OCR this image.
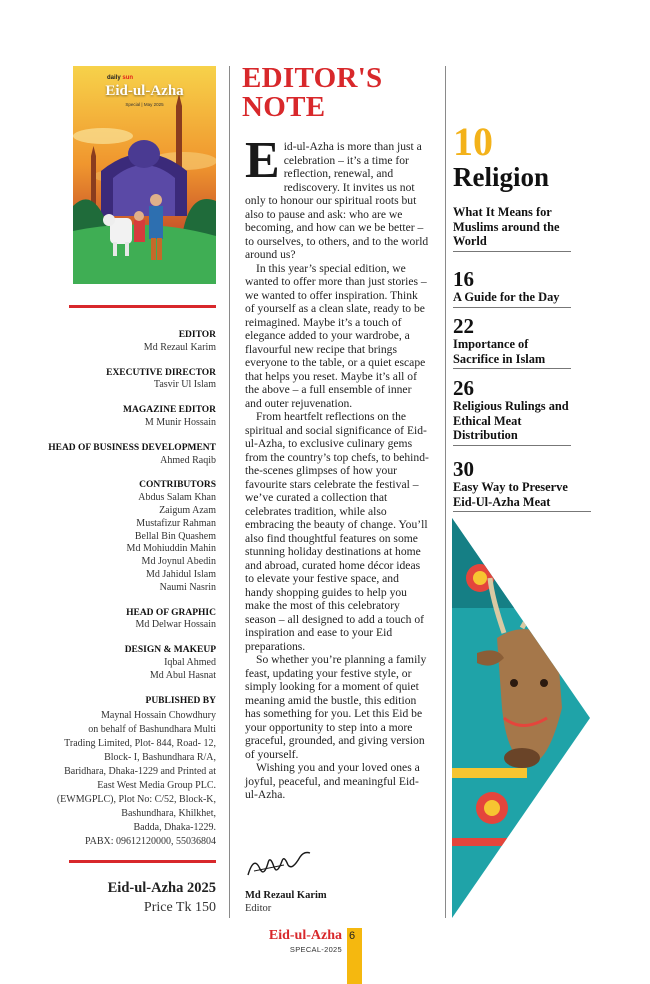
daily sun
Eid-ul-Azha
Special | May 2025
EDITOR
Md Rezaul Karim
EXECUTIVE DIRECTOR
Tasvir Ul Islam
MAGAZINE EDITOR
M Munir Hossain
HEAD OF BUSINESS DEVELOPMENT
Ahmed Raqib
CONTRIBUTORS
Abdus Salam Khan
Zaigum Azam
Mustafizur Rahman
Bellal Bin Quashem
Md Mohiuddin Mahin
Md Joynul Abedin
Md Jahidul Islam
Naumi Nasrin
HEAD OF GRAPHIC
Md Delwar Hossain
DESIGN & MAKEUP
Iqbal Ahmed
Md Abul Hasnat
PUBLISHED BY
Maynal Hossain Chowdhury
on behalf of Bashundhara Multi
Trading Limited, Plot- 844, Road- 12,
Block- I, Bashundhara R/A,
Baridhara, Dhaka-1229 and Printed at
East West Media Group PLC.
(EWMGPLC), Plot No: C/52, Block-K,
Bashundhara, Khilkhet,
Badda, Dhaka-1229.
PABX: 09612120000, 55036804
Eid-ul-Azha 2025
Price Tk 150
EDITOR'S
NOTE

Eid-ul-Azha is more than just a celebration – it’s a time for reflection, renewal, and rediscovery. It invites us not only to honour our spiritual roots but also to pause and ask: who are we becoming, and how can we be better – to ourselves, to others, and to the world around us?

In this year’s special edition, we wanted to offer more than just stories – we wanted to offer inspiration. Think of yourself as a clean slate, ready to be reimagined. Maybe it’s a touch of elegance added to your wardrobe, a flavourful new recipe that brings everyone to the table, or a quiet escape that helps you reset. Maybe it’s all of the above – a full ensemble of inner and outer rejuvenation.

From heartfelt reflections on the spiritual and social significance of Eid-ul-Azha, to exclusive culinary gems from the country’s top chefs, to behind-the-scenes glimpses of how your favourite stars celebrate the festival – we’ve curated a collection that celebrates tradition, while also embracing the beauty of change. You’ll also find thoughtful features on some stunning holiday destinations at home and abroad, curated home décor ideas to elevate your festive space, and handy shopping guides to help you make the most of this celebratory season – all designed to add a touch of inspiration and ease to your Eid preparations.

So whether you’re planning a family feast, updating your festive style, or simply looking for a moment of quiet meaning amid the bustle, this edition has something for you. Let this Eid be your opportunity to step into a more graceful, grounded, and giving version of yourself.

Wishing you and your loved ones a joyful, peaceful, and meaningful Eid-ul-Azha.

Md Rezaul Karim
Editor
10
Religion
What It Means for Muslims around the World
16
A Guide for the Day
22
Importance of Sacrifice in Islam
26
Religious Rulings and Ethical Meat Distribution
30
Easy Way to Preserve Eid-Ul-Azha Meat
Eid-ul-Azha
SPECAL-2025
6
